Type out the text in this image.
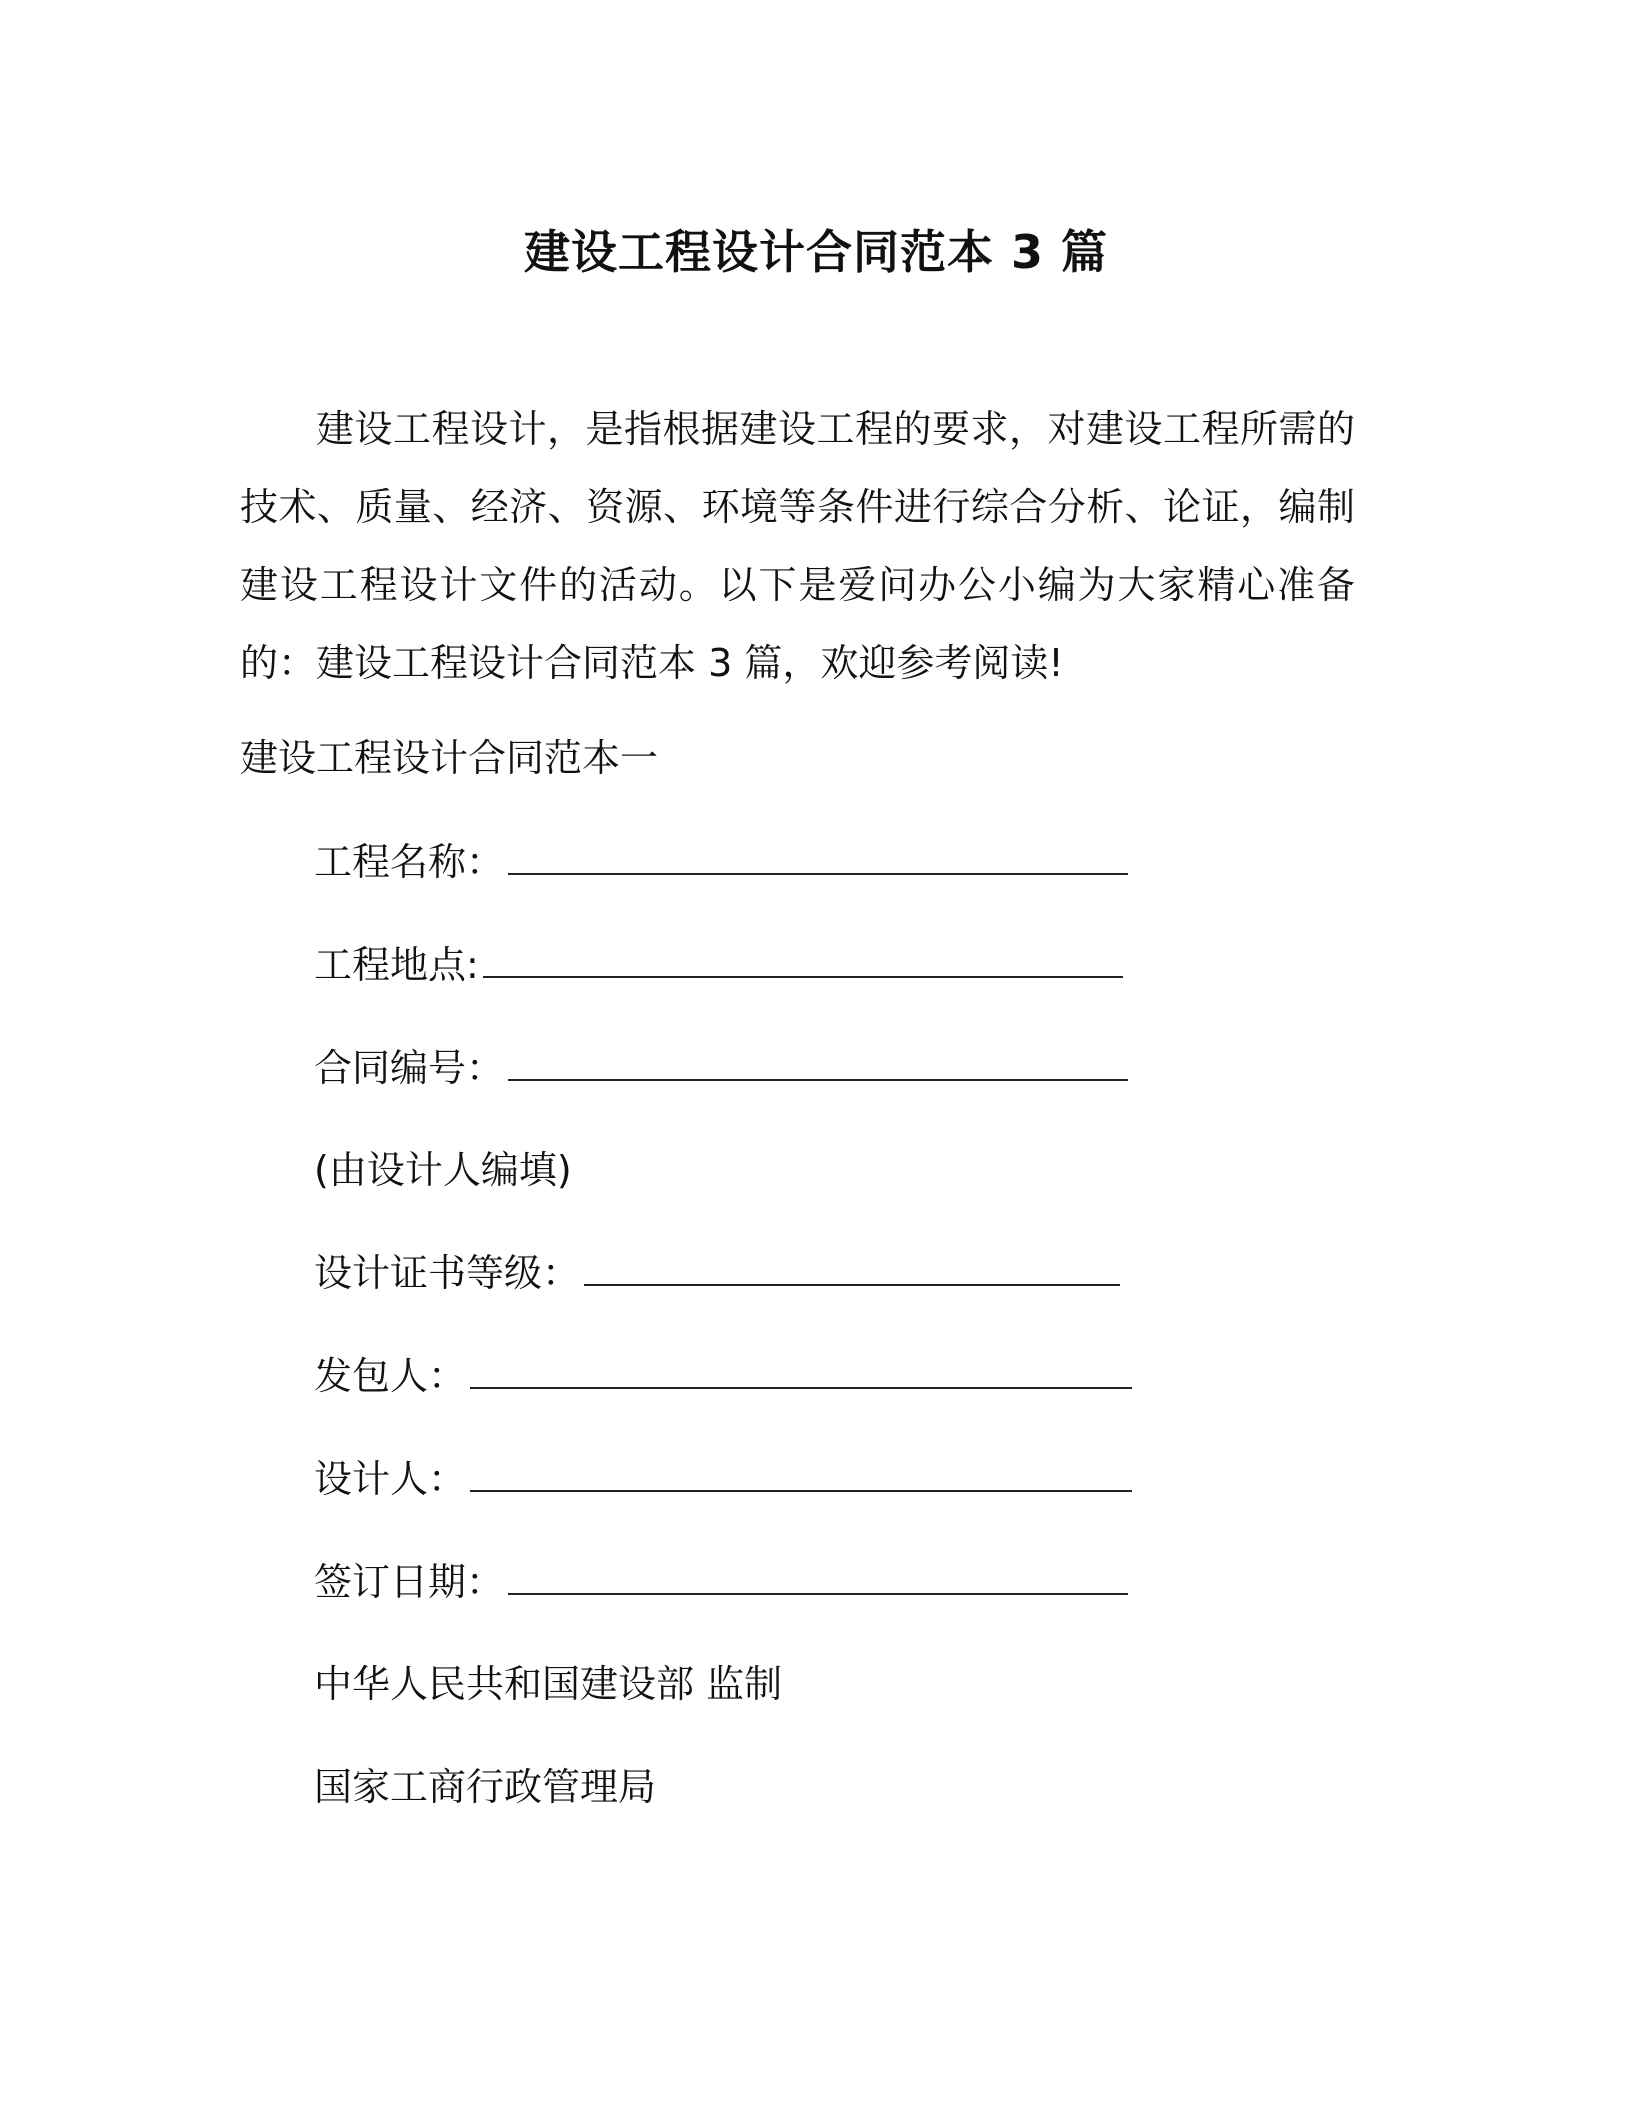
建设工程设计合同范本 3 篇

建设工程设计，是指根据建设工程的要求，对建设工程所需的技术、质量、经济、资源、环境等条件进行综合分析、论证，编制建设工程设计文件的活动。以下是爱问办公小编为大家精心准备的：建设工程设计合同范本 3 篇，欢迎参考阅读!

建设工程设计合同范本一
工程名称：
工程地点:
合同编号：
(由设计人编填)
设计证书等级：
发包人：
设计人：
签订日期：
中华人民共和国建设部 监制
国家工商行政管理局
